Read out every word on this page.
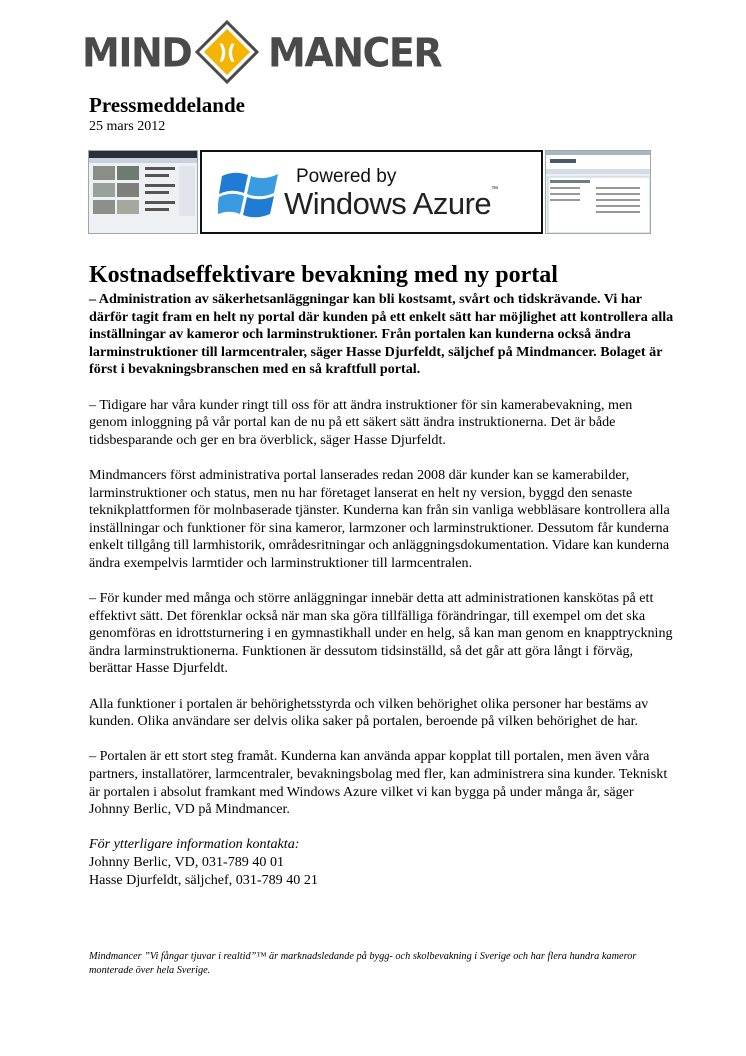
MIND )( MANCER
Pressmeddelande
25 mars 2012
Powered by
Windows Azure™
Kostnadseffektivare bevakning med ny portal

– Administration av säkerhetsanläggningar kan bli kostsamt, svårt och tidskrävande. Vi har därför tagit fram en helt ny portal där kunden på ett enkelt sätt har möjlighet att kontrollera alla inställningar av kameror och larminstruktioner. Från portalen kan kunderna också ändra larminstruktioner till larmcentraler, säger Hasse Djurfeldt, säljchef på Mindmancer. Bolaget är först i bevakningsbranschen med en så kraftfull portal.

– Tidigare har våra kunder ringt till oss för att ändra instruktioner för sin kamerabevakning, men genom inloggning på vår portal kan de nu på ett säkert sätt ändra instruktionerna. Det är både tidsbesparande och ger en bra överblick, säger Hasse Djurfeldt.

Mindmancers först administrativa portal lanserades redan 2008 där kunder kan se kamerabilder, larminstruktioner och status, men nu har företaget lanserat en helt ny version, byggd den senaste teknikplattformen för molnbaserade tjänster. Kunderna kan från sin vanliga webbläsare kontrollera alla inställningar och funktioner för sina kameror, larmzoner och larminstruktioner. Dessutom får kunderna enkelt tillgång till larmhistorik, områdesritningar och anläggningsdokumentation. Vidare kan kunderna ändra exempelvis larmtider och larminstruktioner till larmcentralen.

– För kunder med många och större anläggningar innebär detta att administrationen kanskötas på ett effektivt sätt. Det förenklar också när man ska göra tillfälliga förändringar, till exempel om det ska genomföras en idrottsturnering i en gymnastikhall under en helg, så kan man genom en knapptryckning ändra larminstruktionerna. Funktionen är dessutom tidsinställd, så det går att göra långt i förväg, berättar Hasse Djurfeldt.

Alla funktioner i portalen är behörighetsstyrda och vilken behörighet olika personer har bestäms av kunden. Olika användare ser delvis olika saker på portalen, beroende på vilken behörighet de har.

– Portalen är ett stort steg framåt. Kunderna kan använda appar kopplat till portalen, men även våra partners, installatörer, larmcentraler, bevakningsbolag med fler, kan administrera sina kunder. Tekniskt är portalen i absolut framkant med Windows Azure vilket vi kan bygga på under många år, säger Johnny Berlic, VD på Mindmancer.

För ytterligare information kontakta:
Johnny Berlic, VD, 031-789 40 01
Hasse Djurfeldt, säljchef, 031-789 40 21
Mindmancer ”Vi fångar tjuvar i realtid”™ är marknadsledande på bygg- och skolbevakning i Sverige och har flera hundra kameror monterade över hela Sverige.
